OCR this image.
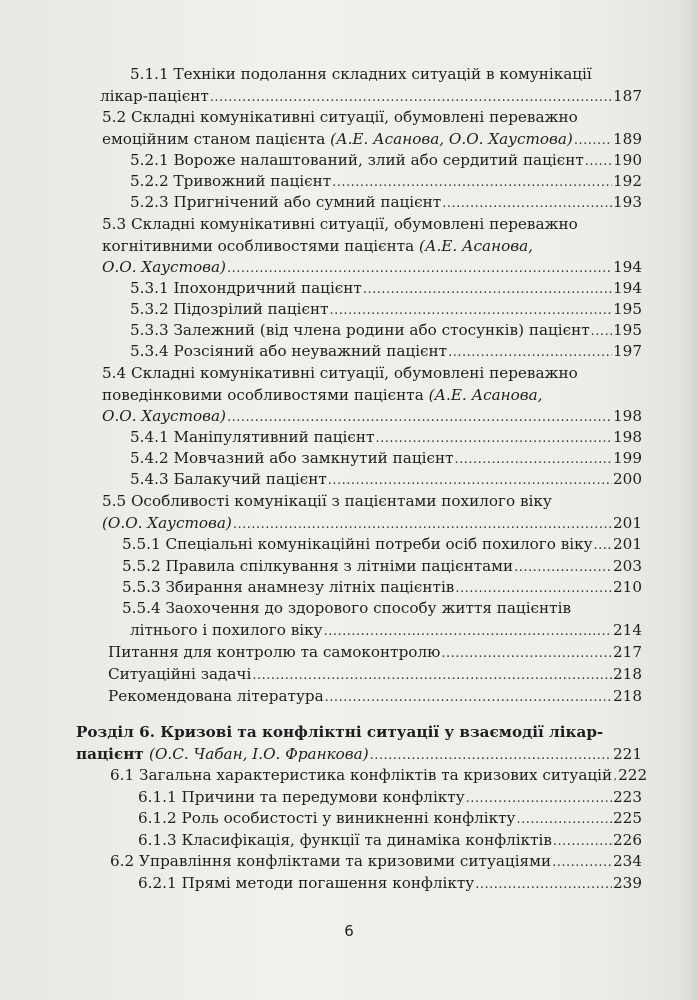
5.1.1 Техніки подолання складних ситуацій в комунікації
лікар-пацієнт .....	187
5.2 Складні комунікативні ситуації, обумовлені переважно
емоційним станом пацієнта (А.Е. Асанова, О.О. Хаустова) .....	189
5.2.1 Вороже налаштований, злий або сердитий пацієнт ..... 190
5.2.2 Тривожний пацієнт .....	192
5.2.3 Пригнічений або сумний пацієнт .....	193
5.3 Складні комунікативні ситуації, обумовлені переважно
когнітивними особливостями пацієнта (А.Е. Асанова,
О.О. Хаустова) .....	194
5.3.1 Іпохондричний пацієнт .....	194
5.3.2 Підозрілий пацієнт .....	195
5.3.3 Залежний (від члена родини або стосунків) пацієнт ..... 195
5.3.4 Розсіяний або неуважний пацієнт .....	197
5.4 Складні комунікативні ситуації, обумовлені переважно
поведінковими особливостями пацієнта (А.Е. Асанова,
О.О. Хаустова) .....	198
5.4.1 Маніпулятивний пацієнт .....	198
5.4.2 Мовчазний або замкнутий пацієнт .....	199
5.4.3 Балакучий пацієнт .....	200
5.5 Особливості комунікації з пацієнтами похилого віку
(О.О. Хаустова) .....	201
5.5.1 Спеціальні комунікаційні потреби осіб похилого віку ..... 201
5.5.2 Правила спілкування з літніми пацієнтами .....	203
5.5.3 Збирання анамнезу літніх пацієнтів .....	210
5.5.4 Заохочення до здорового способу життя пацієнтів
літнього і похилого віку .....	214
Питання для контролю та самоконтролю .....	217
Ситуаційні задачі .....	218
Рекомендована література .....	218
Розділ 6. Кризові та конфліктні ситуації у взаємодії лікар-
пацієнт (О.С. Чабан, І.О. Франкова) .....	221
6.1 Загальна характеристика конфліктів та кризових ситуацій ..... 222
6.1.1 Причини та передумови конфлікту .....	223
6.1.2 Роль особистості у виникненні конфлікту .....	225
6.1.3 Класифікація, функції та динаміка конфліктів .....	226
6.2 Управління конфліктами та кризовими ситуаціями .....	234
6.2.1 Прямі методи погашення конфлікту .....	239
6
